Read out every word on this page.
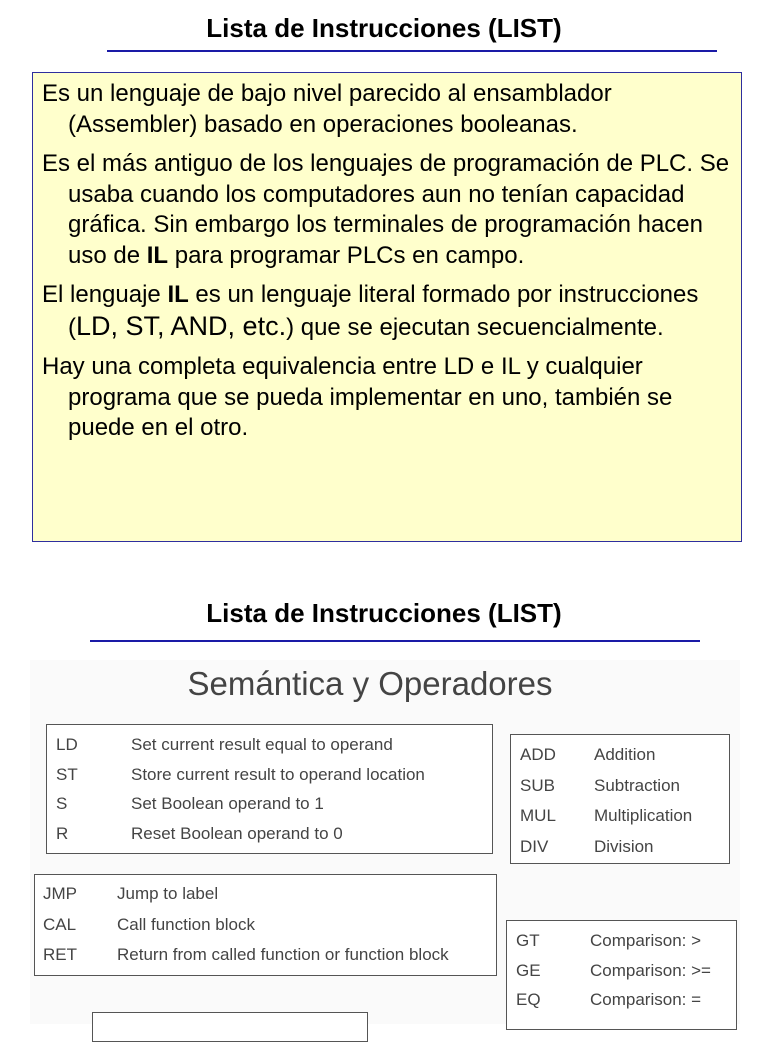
Lista de Instrucciones (LIST)

Es un lenguaje de bajo nivel parecido al ensamblador (Assembler) basado en operaciones booleanas.

Es el más antiguo de los lenguajes de programación de PLC. Se usaba cuando los computadores aun no tenían capacidad gráfica. Sin embargo los terminales de programación hacen uso de IL para programar PLCs en campo.

El lenguaje IL es un lenguaje literal formado por instrucciones (LD, ST, AND, etc.) que se ejecutan secuencialmente.

Hay una completa equivalencia entre LD e IL y cualquier programa que se pueda implementar en uno, también se puede en el otro.

Lista de Instrucciones (LIST)
Semántica y Operadores
LD	Set current result equal to operand
ST	Store current result to operand location
S	Set Boolean operand to 1
R	Reset Boolean operand to 0
ADD Addition
SUB Subtraction
MUL Multiplication
DIV	Division
JMP Jump to label
CAL Call function block
RET Return from called function or function block
GT	Comparison: >
GE	Comparison: >=
EQ	Comparison: =
